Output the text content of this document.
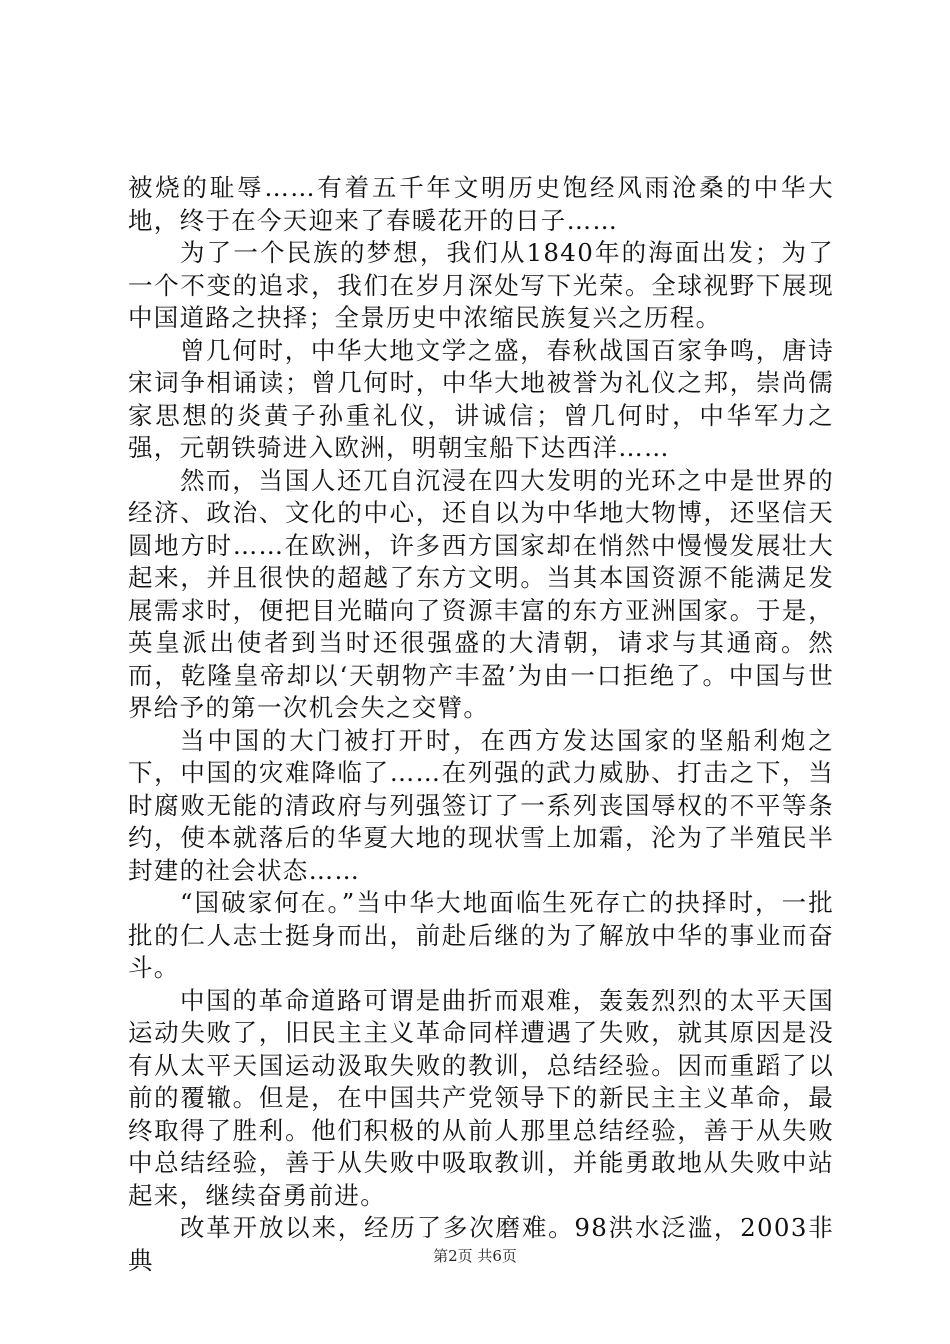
被烧的耻辱……有着五千年文明历史饱经风雨沧桑的中华大地，终于在今天迎来了春暖花开的日子……

为了一个民族的梦想，我们从1840年的海面出发；为了一个不变的追求，我们在岁月深处写下光荣。全球视野下展现中国道路之抉择；全景历史中浓缩民族复兴之历程。

曾几何时，中华大地文学之盛，春秋战国百家争鸣，唐诗宋词争相诵读；曾几何时，中华大地被誉为礼仪之邦，崇尚儒家思想的炎黄子孙重礼仪，讲诚信；曾几何时，中华军力之强，元朝铁骑进入欧洲，明朝宝船下达西洋……

然而，当国人还兀自沉浸在四大发明的光环之中是世界的经济、政治、文化的中心，还自以为中华地大物博，还坚信天圆地方时……在欧洲，许多西方国家却在悄然中慢慢发展壮大起来，并且很快的超越了东方文明。当其本国资源不能满足发展需求时，便把目光瞄向了资源丰富的东方亚洲国家。于是，英皇派出使者到当时还很强盛的大清朝，请求与其通商。然而，乾隆皇帝却以‘天朝物产丰盈’为由一口拒绝了。中国与世界给予的第一次机会失之交臂。

当中国的大门被打开时，在西方发达国家的坚船利炮之下，中国的灾难降临了……在列强的武力威胁、打击之下，当时腐败无能的清政府与列强签订了一系列丧国辱权的不平等条约，使本就落后的华夏大地的现状雪上加霜，沦为了半殖民半封建的社会状态……

“国破家何在。”当中华大地面临生死存亡的抉择时，一批批的仁人志士挺身而出，前赴后继的为了解放中华的事业而奋斗。

中国的革命道路可谓是曲折而艰难，轰轰烈烈的太平天国运动失败了，旧民主主义革命同样遭遇了失败，就其原因是没有从太平天国运动汲取失败的教训，总结经验。因而重蹈了以前的覆辙。但是，在中国共产党领导下的新民主主义革命，最终取得了胜利。他们积极的从前人那里总结经验，善于从失败中总结经验，善于从失败中吸取教训，并能勇敢地从失败中站起来，继续奋勇前进。

改革开放以来，经历了多次磨难。98洪水泛滥，2003非典	第2页 共6页
